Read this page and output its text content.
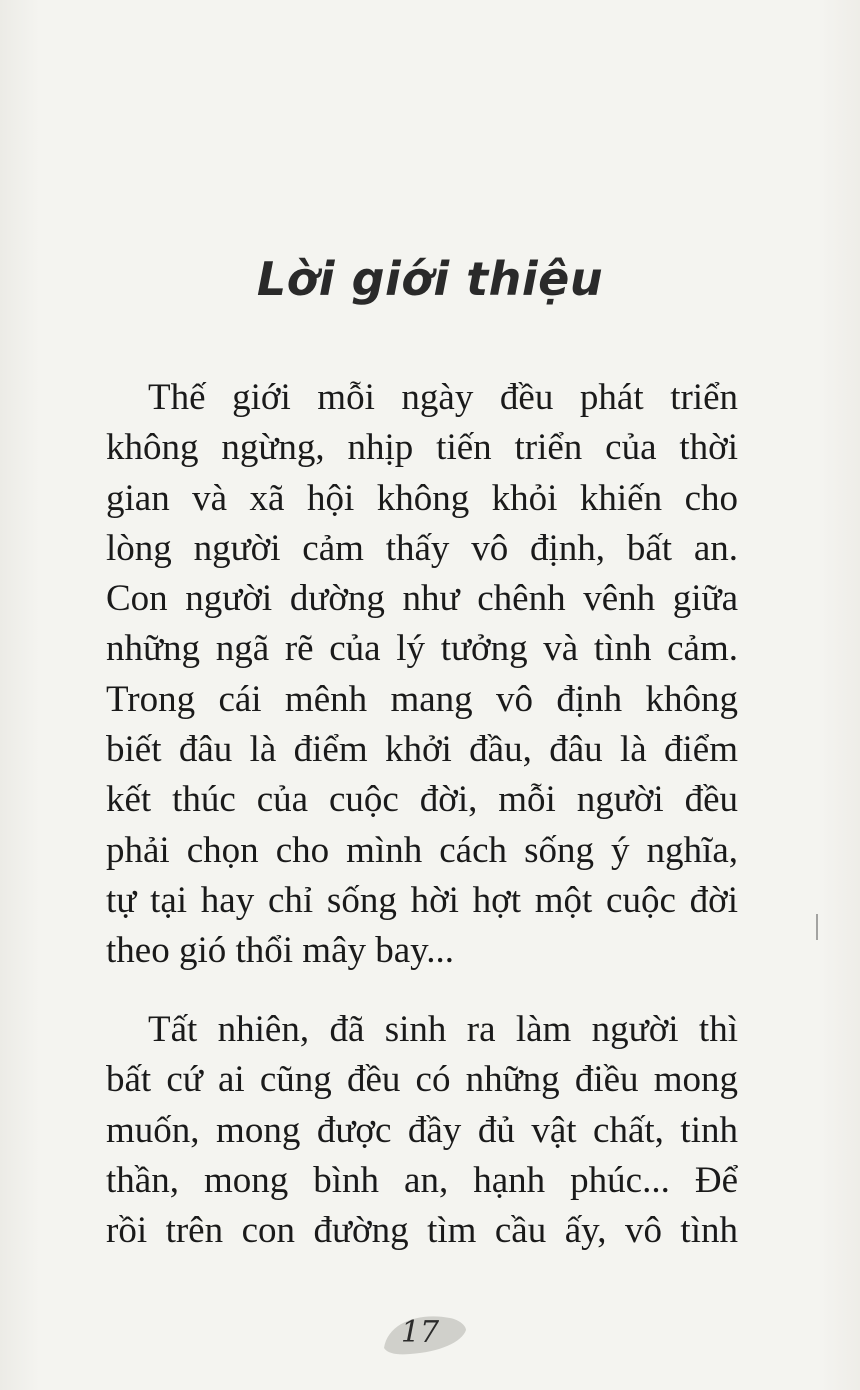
Lời giới thiệu
Thế giới mỗi ngày đều phát triển
không ngừng, nhịp tiến triển của thời
gian và xã hội không khỏi khiến cho
lòng người cảm thấy vô định, bất an.
Con người dường như chênh vênh giữa
những ngã rẽ của lý tưởng và tình cảm.
Trong cái mênh mang vô định không
biết đâu là điểm khởi đầu, đâu là điểm
kết thúc của cuộc đời, mỗi người đều
phải chọn cho mình cách sống ý nghĩa,
tự tại hay chỉ sống hời hợt một cuộc đời
theo gió thổi mây bay...
Tất nhiên, đã sinh ra làm người thì
bất cứ ai cũng đều có những điều mong
muốn, mong được đầy đủ vật chất, tinh
thần, mong bình an, hạnh phúc... Để
rồi trên con đường tìm cầu ấy, vô tình
17
